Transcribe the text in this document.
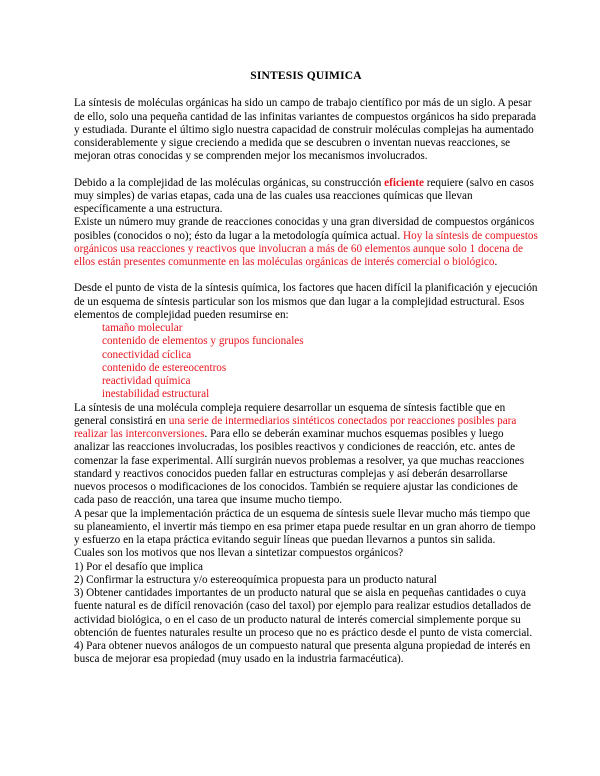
SINTESIS QUIMICA

La síntesis de moléculas orgánicas ha sido un campo de trabajo científico por más de un siglo. A pesar de ello, solo una pequeña cantidad de las infinitas variantes de compuestos orgánicos ha sido preparada y estudiada. Durante el último siglo nuestra capacidad de construir moléculas complejas ha aumentado considerablemente y sigue creciendo a medida que se descubren o inventan nuevas reacciones, se mejoran otras conocidas y se comprenden mejor los mecanismos involucrados.

Debido a la complejidad de las moléculas orgánicas, su construcción eficiente requiere (salvo en casos muy simples) de varias etapas, cada una de las cuales usa reacciones químicas que llevan específicamente a una estructura.

Existe un número muy grande de reacciones conocidas y una gran diversidad de compuestos orgánicos posibles (conocidos o no); ésto da lugar a la metodología química actual. Hoy la síntesis de compuestos orgánicos usa reacciones y reactivos que involucran a más de 60 elementos aunque solo 1 docena de ellos están presentes comunmente en las moléculas orgánicas de interés comercial o biológico.

Desde el punto de vista de la síntesis química, los factores que hacen difícil la planificación y ejecución de un esquema de síntesis particular son los mismos que dan lugar a la complejidad estructural. Esos elementos de complejidad pueden resumirse en:

tamaño molecular
contenido de elementos y grupos funcionales
conectividad cíclica
contenido de estereocentros
reactividad química
inestabilidad estructural

La síntesis de una molécula compleja requiere desarrollar un esquema de síntesis factible que en general consistirá en una serie de intermediarios sintéticos conectados por reacciones posibles para realizar las interconversiones. Para ello se deberán examinar muchos esquemas posibles y luego analizar las reacciones involucradas, los posibles reactivos y condiciones de reacción, etc. antes de comenzar la fase experimental. Allí surgirán nuevos problemas a resolver, ya que muchas reacciones standard y reactivos conocidos pueden fallar en estructuras complejas y así deberán desarrollarse nuevos procesos o modificaciones de los conocidos. También se requiere ajustar las condiciones de cada paso de reacción, una tarea que insume mucho tiempo.

A pesar que la implementación práctica de un esquema de síntesis suele llevar mucho más tiempo que su planeamiento, el invertir más tiempo en esa primer etapa puede resultar en un gran ahorro de tiempo y esfuerzo en la etapa práctica evitando seguir líneas que puedan llevarnos a puntos sin salida.

Cuales son los motivos que nos llevan a sintetizar compuestos orgánicos?

1) Por el desafío que implica

2) Confirmar la estructura y/o estereoquímica propuesta para un producto natural

3) Obtener cantidades importantes de un producto natural que se aisla en pequeñas cantidades o cuya fuente natural es de difícil renovación (caso del taxol) por ejemplo para realizar estudios detallados de actividad biológica, o en el caso de un producto natural de interés comercial simplemente porque su obtención de fuentes naturales resulte un proceso que no es práctico desde el punto de vista comercial.

4) Para obtener nuevos análogos de un compuesto natural que presenta alguna propiedad de interés en busca de mejorar esa propiedad (muy usado en la industria farmacéutica).
